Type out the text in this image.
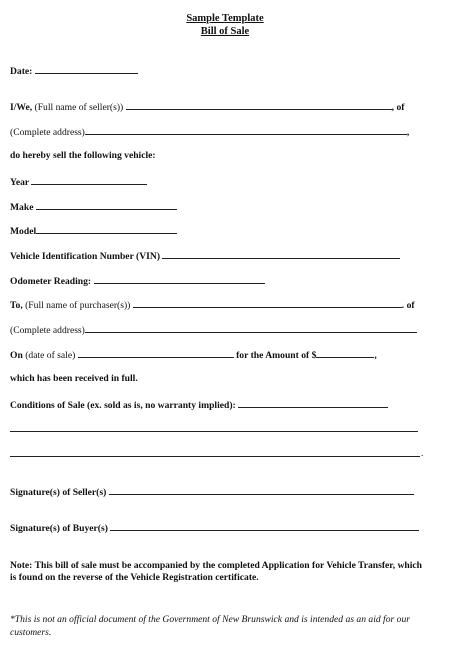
Sample Template
Bill of Sale
Date:
I/We, (Full name of seller(s))	, of
(Complete address)	,
do hereby sell the following vehicle:
Year
Make
Model
Vehicle Identification Number (VIN)
Odometer Reading:
To, (Full name of purchaser(s))	. of
(Complete address)
On (date of sale)	for the Amount of $	,
which has been received in full.
Conditions of Sale (ex. sold as is, no warranty implied):
.
Signature(s) of Seller(s)
Signature(s) of Buyer(s)
Note: This bill of sale must be accompanied by the completed Application for Vehicle Transfer, which is found on the reverse of the Vehicle Registration certificate.
*This is not an official document of the Government of New Brunswick and is intended as an aid for our customers.
